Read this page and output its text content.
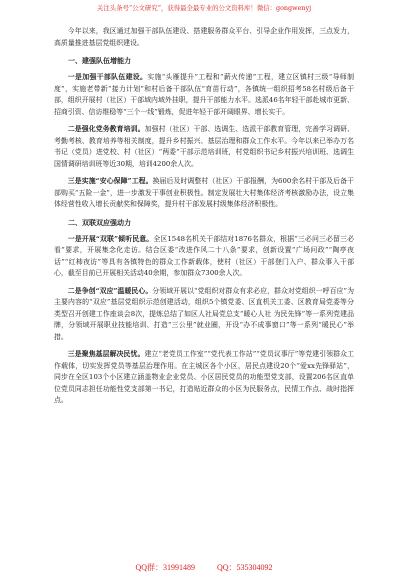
关注头条号“公文研究”，获得最全最专业的公文资料库！微信：gongwenyj

今年以来，我区通过加强干部队伍建设、搭建服务群众平台、引导企业作用发挥，三点发力，高质量推进基层党组织建设。

一、建强队伍增能力

一是加强干部队伍建设。实施“头雁提升”工程和“薪火传递”工程，建立区镇村三级“导师制度”，实施老带新“接力计划”和村后备干部队伍“育苗行动”，各镇统一组织招考58名村级后备干部，组织开展村（社区）干部域内域外挂职，提升干部能力水平。选派46名年轻干部赴城市更新、招商引资、信访维稳等“三个一线”锻炼，促进年轻干部开阔眼界、增长实干。

二是强化党务教育培训。加强村（社区）干部、选调生、选派干部教育管理，完善学习调研、考勤考核、教育培养等相关制度，提升乡村振兴、基层治理和群众工作水平。今年以来已举办万名书记（党员）进党校、村（社区）“两委”干部示范培训班，村党组织书记乡村振兴培训班、选调生国情调研培训班等近30期，培训4200余人次。

三是实施“安心保障”工程。换届后及时调整村（社区）干部报酬，为600余名村干部及后备干部购买“五险一金”，进一步激发干事创业积极性。制定发展壮大村集体经济考核激励办法，设立集体经营性收入增长贡献奖和保障奖，提升村干部发展村级集体经济积极性。

二、双联双应强动力

一是开展“双联”倾听民意。全区1548名机关干部结对1876名群众，根据“三必问三必留三必看”要求，开展集念化走访。结合区委“改进作风二十八条”要求，创新设置“广场问政”“陶亭夜话”“红柿夜访”等具有各镇特色的群众工作新载体，使村（社区）干部登门入户、群众事入干部心，截至目前已开展相关活动40余期，参加群众7300余人次。

二是争创“双应”温暖民心。分领域开展以“党组织对群众有求必应，群众对党组织一呼百应”为主要内容的“双应”基层党组织示范创建活动，组织5个镇党委、区直机关工委、区教育局党委等分类型召开创建工作座谈会8次，提炼总结了如区人社局党总支“暖心人社 为民先锋”等一系列党建品牌，分领域开展职业技能培训、打造“三公里”就业圈，开设“办不成事窗口”等一系列“暖民心”举措。

三是聚焦基层解决民忧。建立“老党员工作室”“党代表工作站”“党员议事厅”等党建引领群众工作载体，切实发挥党员等基层治理作用。在主城区各个小区，居民点建设20个“爱xx先锋驿站”，同步在全区103个小区建立涵盖物业企业党员、小区居民党员的功能型党支部，设置206名区直单位党员同志担任功能性党支部第一书记，打造贴近群众的小区为民服务点，民情工作点、战时指挥点。

QQ群：31991489	QQ：535304092
